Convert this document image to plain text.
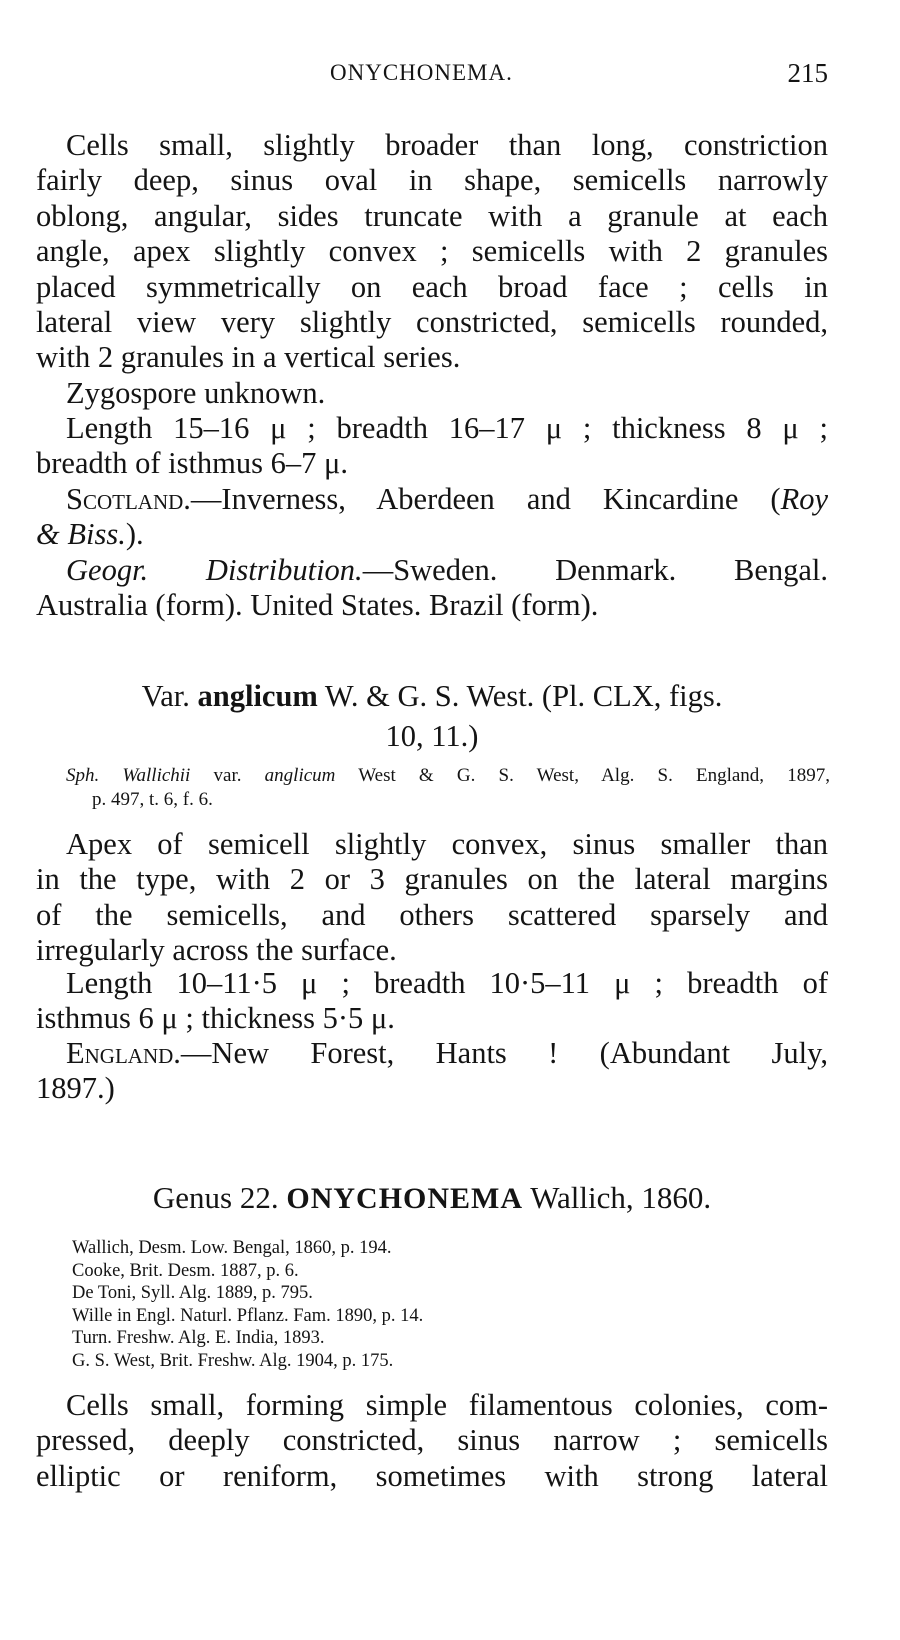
ONYCHONEMA.	215
Cells small, slightly broader than long, constriction
fairly deep, sinus oval in shape, semicells narrowly
oblong, angular, sides truncate with a granule at each
angle, apex slightly convex ; semicells with 2 granules
placed symmetrically on each broad face ; cells in
lateral view very slightly constricted, semicells rounded,
with 2 granules in a vertical series.
Zygospore unknown.
Length 15–16 μ ; breadth 16–17 μ ; thickness 8 μ ;
breadth of isthmus 6–7 μ.
Scotland.—Inverness, Aberdeen and Kincardine (Roy
& Biss.).
Geogr. Distribution.—Sweden. Denmark. Bengal.
Australia (form). United States. Brazil (form).
Var. anglicum W. & G. S. West. (Pl. CLX, figs.
10, 11.)
Sph. Wallichii var. anglicum West & G. S. West, Alg. S. England, 1897,
p. 497, t. 6, f. 6.
Apex of semicell slightly convex, sinus smaller than
in the type, with 2 or 3 granules on the lateral margins
of the semicells, and others scattered sparsely and
irregularly across the surface.
Length 10–11·5 μ ; breadth 10·5–11 μ ; breadth of
isthmus 6 μ ; thickness 5·5 μ.
England.—New Forest, Hants ! (Abundant July,
1897.)
Genus 22. ONYCHONEMA Wallich, 1860.
Wallich, Desm. Low. Bengal, 1860, p. 194.
Cooke, Brit. Desm. 1887, p. 6.
De Toni, Syll. Alg. 1889, p. 795.
Wille in Engl. Naturl. Pflanz. Fam. 1890, p. 14.
Turn. Freshw. Alg. E. India, 1893.
G. S. West, Brit. Freshw. Alg. 1904, p. 175.
Cells small, forming simple filamentous colonies, com-
pressed, deeply constricted, sinus narrow ; semicells
elliptic or reniform, sometimes with strong lateral
